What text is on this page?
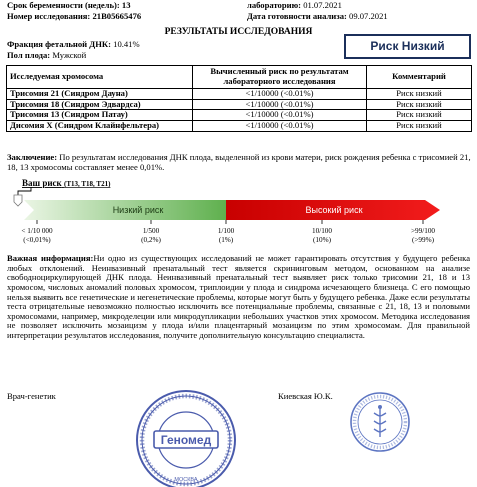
Срок беременности (недель): 13
Номер исследования: 21B05665476
лабораторию: 01.07.2021
Дата готовности анализа: 09.07.2021
РЕЗУЛЬТАТЫ ИССЛЕДОВАНИЯ
Фракция фетальной ДНК: 10.41%
Пол плода: Мужской
Риск Низкий
Исследуемая хромосома	Вычисленный риск по результатам лабораторного исследования	Комментарий
Трисомия 21 (Синдром Дауна)	<1/10000 (<0.01%)	Риск низкий
Трисомия 18 (Синдром Эдвардса)	<1/10000 (<0.01%)	Риск низкий
Трисомия 13 (Синдром Патау)	<1/10000 (<0.01%)	Риск низкий
Дисомия X (Синдром Клайнфельтера)	<1/10000 (<0.01%)	Риск низкий
Заключение: По результатам исследования ДНК плода, выделенной из крови матери, риск рождения ребенка с трисомией 21, 18, 13 хромосомы составляет менее 0,01%.
Ваш риск (T13, T18, T21)
Низкий риск	Высокий риск
< 1/10 000
(<0,01%)
1/500
(0,2%)
1/100
(1%)
10/100
(10%)
>99/100
(>99%)
Важная информация:Ни одно из существующих исследований не может гарантировать отсутствия у будущего ребенка любых отклонений. Неинвазивный пренатальный тест является скрининговым методом, основанном на анализе свободноциркулирующей ДНК плода. Неинвазивный пренатальный тест выявляет риск только трисомии 21, 18 и 13 хромосом, числовых аномалий половых хромосом, триплоидии у плода и синдрома исчезающего близнеца. С его помощью нельзя выявить все генетические и негенетические проблемы, которые могут быть у будущего ребенка. Даже если результаты теста отрицательные невозможно полностью исключить все потенциальные проблемы, связанные с 21, 18, 13 и половыми хромосомами, например, микроделеции или микродупликации небольших участков этих хромосом. Методика исследования не позволяет исключить мозаицизм у плода и/или плацентарный мозаицизм по этим хромосомам. Для правильной интерпретации результатов исследования, получите дополнительную консультацию специалиста.
Врач-генетик	Киевская Ю.К.
Геномед
МОСКВА
